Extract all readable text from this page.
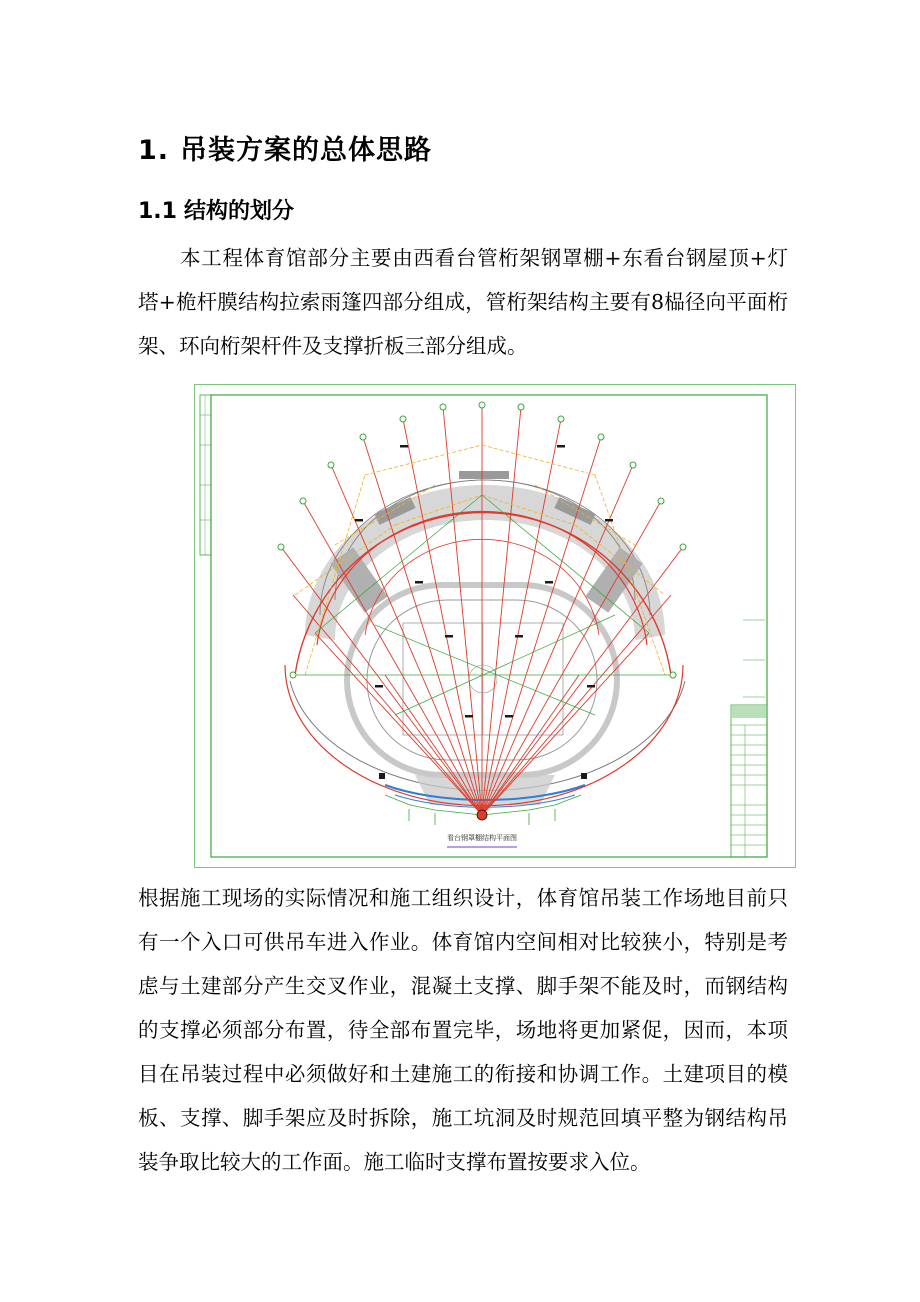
1. 吊装方案的总体思路
1.1 结构的划分

本工程体育馆部分主要由西看台管桁架钢罩棚+东看台钢屋顶+灯塔+桅杆膜结构拉索雨篷四部分组成，管桁架结构主要有8榀径向平面桁架、环向桁架杆件及支撑折板三部分组成。

看台钢罩棚结构平面图

根据施工现场的实际情况和施工组织设计，体育馆吊装工作场地目前只有一个入口可供吊车进入作业。体育馆内空间相对比较狭小，特别是考虑与土建部分产生交叉作业，混凝土支撑、脚手架不能及时，而钢结构的支撑必须部分布置，待全部布置完毕，场地将更加紧促，因而，本项目在吊装过程中必须做好和土建施工的衔接和协调工作。土建项目的模板、支撑、脚手架应及时拆除，施工坑洞及时规范回填平整为钢结构吊装争取比较大的工作面。施工临时支撑布置按要求入位。
